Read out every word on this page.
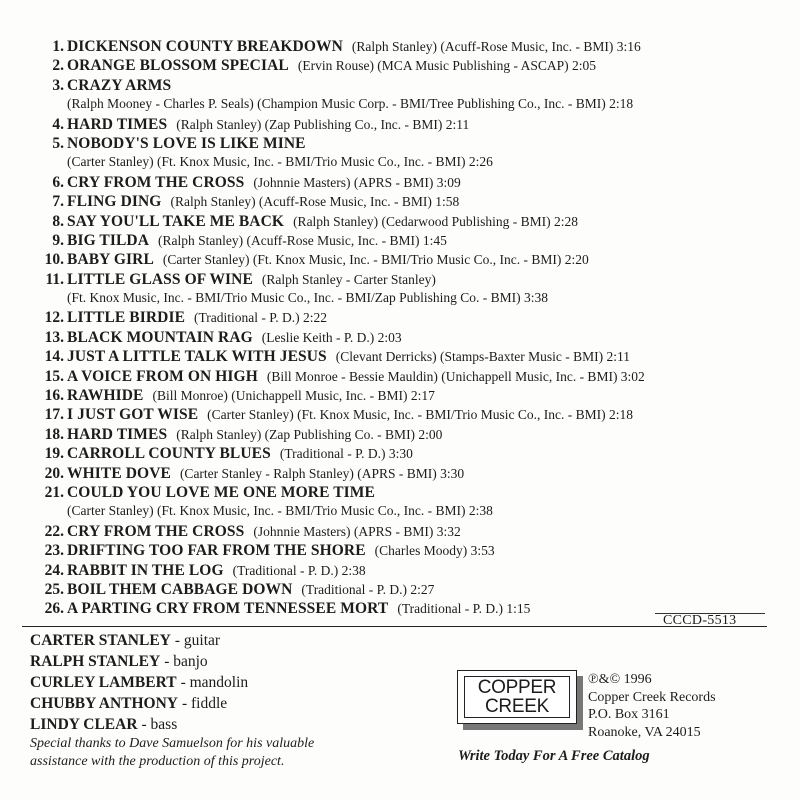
1. DICKENSON COUNTY BREAKDOWN (Ralph Stanley) (Acuff-Rose Music, Inc. - BMI) 3:16
2. ORANGE BLOSSOM SPECIAL (Ervin Rouse) (MCA Music Publishing - ASCAP) 2:05
3. CRAZY ARMS
(Ralph Mooney - Charles P. Seals) (Champion Music Corp. - BMI/Tree Publishing Co., Inc. - BMI) 2:18
4. HARD TIMES (Ralph Stanley) (Zap Publishing Co., Inc. - BMI) 2:11
5. NOBODY'S LOVE IS LIKE MINE
(Carter Stanley) (Ft. Knox Music, Inc. - BMI/Trio Music Co., Inc. - BMI) 2:26
6. CRY FROM THE CROSS (Johnnie Masters) (APRS - BMI) 3:09
7. FLING DING (Ralph Stanley) (Acuff-Rose Music, Inc. - BMI) 1:58
8. SAY YOU'LL TAKE ME BACK (Ralph Stanley) (Cedarwood Publishing - BMI) 2:28
9. BIG TILDA (Ralph Stanley) (Acuff-Rose Music, Inc. - BMI) 1:45
10. BABY GIRL (Carter Stanley) (Ft. Knox Music, Inc. - BMI/Trio Music Co., Inc. - BMI) 2:20
11. LITTLE GLASS OF WINE (Ralph Stanley - Carter Stanley)
(Ft. Knox Music, Inc. - BMI/Trio Music Co., Inc. - BMI/Zap Publishing Co. - BMI) 3:38
12. LITTLE BIRDIE (Traditional - P. D.) 2:22
13. BLACK MOUNTAIN RAG (Leslie Keith - P. D.) 2:03
14. JUST A LITTLE TALK WITH JESUS (Clevant Derricks) (Stamps-Baxter Music - BMI) 2:11
15. A VOICE FROM ON HIGH (Bill Monroe - Bessie Mauldin) (Unichappell Music, Inc. - BMI) 3:02
16. RAWHIDE (Bill Monroe) (Unichappell Music, Inc. - BMI) 2:17
17. I JUST GOT WISE (Carter Stanley) (Ft. Knox Music, Inc. - BMI/Trio Music Co., Inc. - BMI) 2:18
18. HARD TIMES (Ralph Stanley) (Zap Publishing Co. - BMI) 2:00
19. CARROLL COUNTY BLUES (Traditional - P. D.) 3:30
20. WHITE DOVE (Carter Stanley - Ralph Stanley) (APRS - BMI) 3:30
21. COULD YOU LOVE ME ONE MORE TIME
(Carter Stanley) (Ft. Knox Music, Inc. - BMI/Trio Music Co., Inc. - BMI) 2:38
22. CRY FROM THE CROSS (Johnnie Masters) (APRS - BMI) 3:32
23. DRIFTING TOO FAR FROM THE SHORE (Charles Moody) 3:53
24. RABBIT IN THE LOG (Traditional - P. D.) 2:38
25. BOIL THEM CABBAGE DOWN (Traditional - P. D.) 2:27
26. A PARTING CRY FROM TENNESSEE MORT (Traditional - P. D.) 1:15
CCCD-5513
CARTER STANLEY - guitar
RALPH STANLEY - banjo
CURLEY LAMBERT - mandolin
CHUBBY ANTHONY - fiddle
LINDY CLEAR - bass
Special thanks to Dave Samuelson for his valuable
assistance with the production of this project.
COPPER
CREEK
℗&© 1996
Copper Creek Records
P.O. Box 3161
Roanoke, VA 24015
Write Today For A Free Catalog
